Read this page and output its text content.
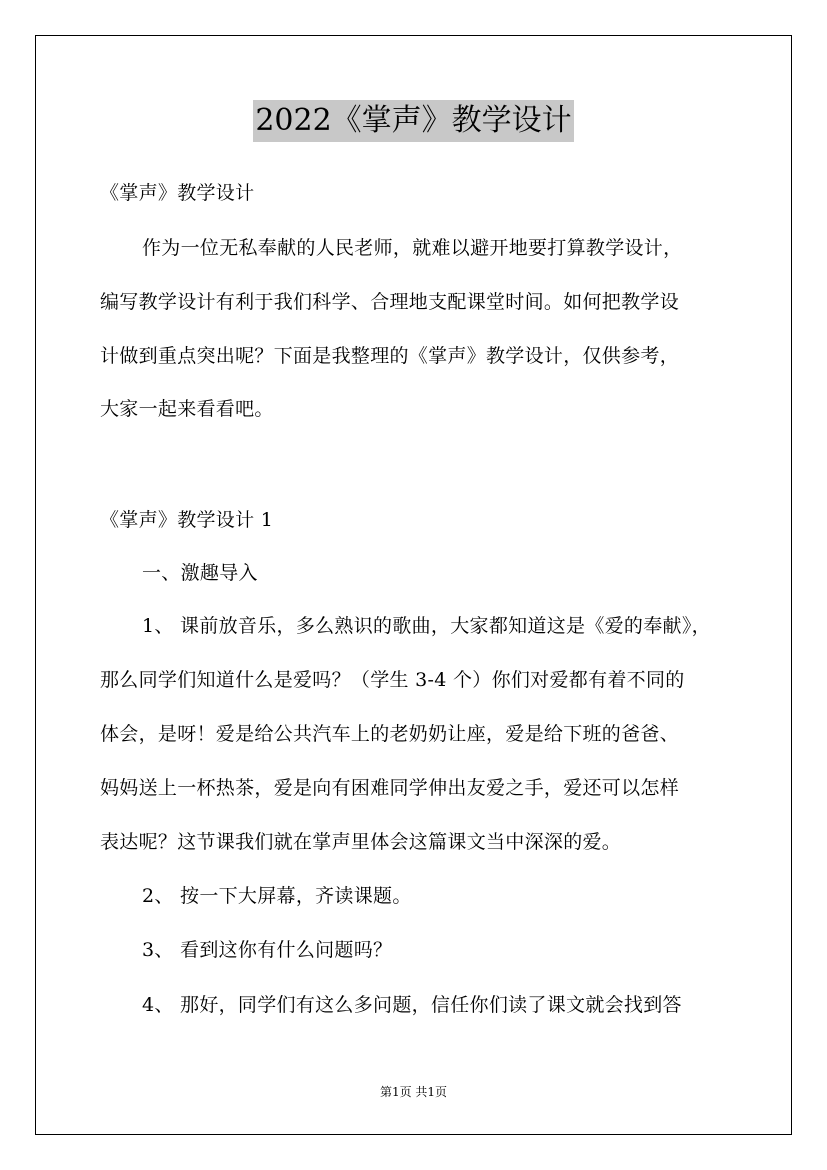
2022《掌声》教学设计
《掌声》教学设计
作为一位无私奉献的人民老师，就难以避开地要打算教学设计，
编写教学设计有利于我们科学、合理地支配课堂时间。如何把教学设
计做到重点突出呢？下面是我整理的《掌声》教学设计，仅供参考，
大家一起来看看吧。
《掌声》教学设计 1
一、激趣导入
1、 课前放音乐，多么熟识的歌曲，大家都知道这是《爱的奉献》，
那么同学们知道什么是爱吗？（学生 3-4 个）你们对爱都有着不同的
体会，是呀！爱是给公共汽车上的老奶奶让座，爱是给下班的爸爸、
妈妈送上一杯热茶，爱是向有困难同学伸出友爱之手，爱还可以怎样
表达呢？这节课我们就在掌声里体会这篇课文当中深深的爱。
2、 按一下大屏幕，齐读课题。
3、 看到这你有什么问题吗？
4、 那好，同学们有这么多问题，信任你们读了课文就会找到答
第1页 共1页
